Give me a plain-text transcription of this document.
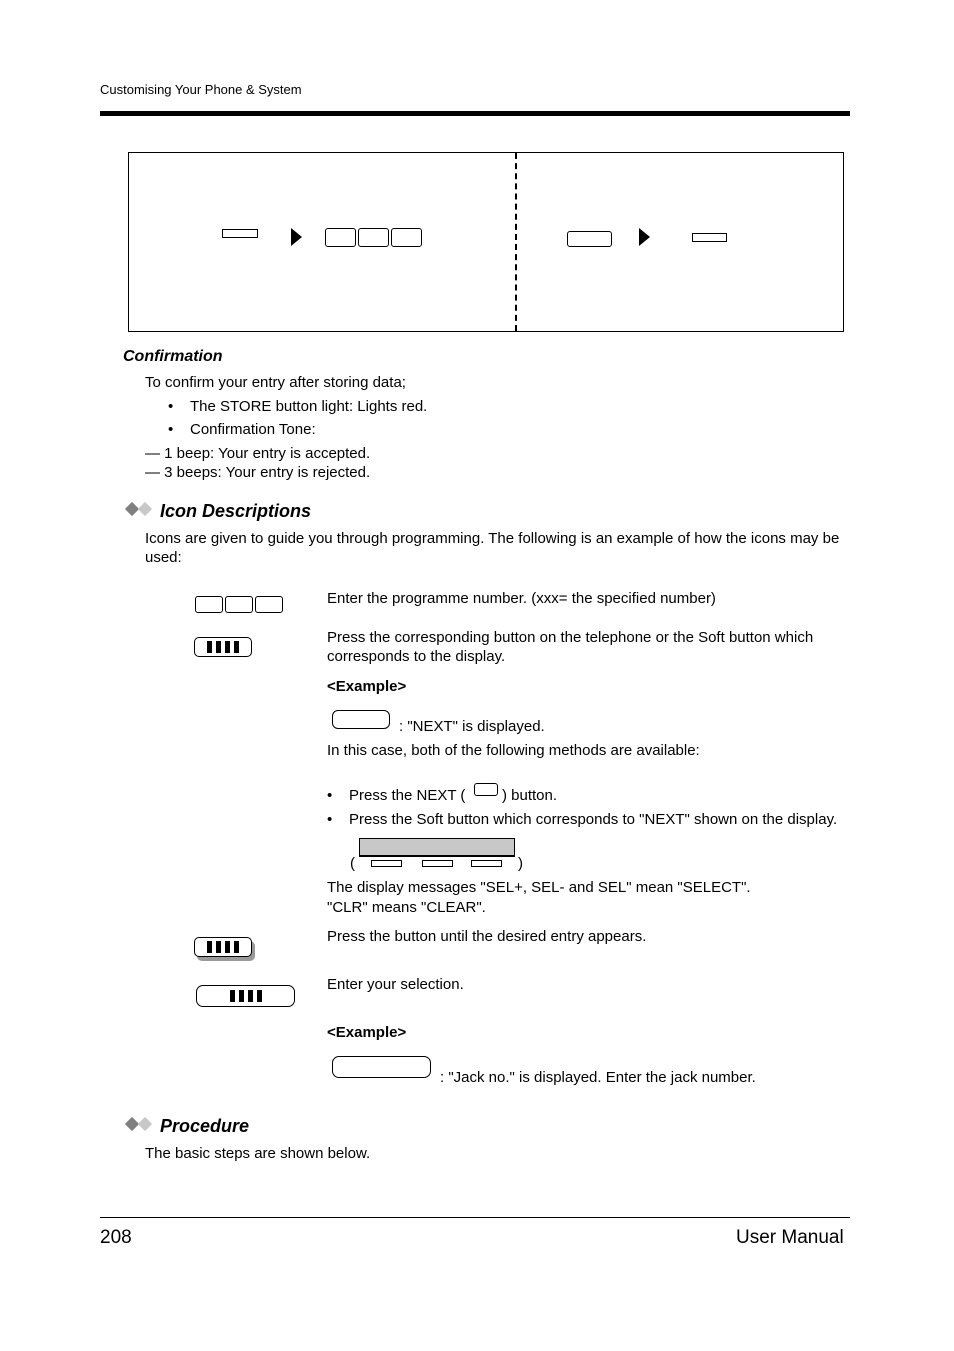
Customising Your Phone & System
Confirmation
To confirm your entry after storing data;
• The STORE button light: Lights red.
• Confirmation Tone:
— 1 beep: Your entry is accepted.
— 3 beeps: Your entry is rejected.
Icon Descriptions
Icons are given to guide you through programming. The following is an example of how the icons may be used:
Enter the programme number. (xxx= the specified number)
Press the corresponding button on the telephone or the Soft button which corresponds to the display.
<Example>
: "NEXT" is displayed.
In this case, both of the following methods are available:
• Press the NEXT ( ) button.
• Press the Soft button which corresponds to "NEXT" shown on the display.
(	)
The display messages "SEL+, SEL- and SEL" mean "SELECT".
"CLR" means "CLEAR".
Press the button until the desired entry appears.
Enter your selection.
<Example>
: "Jack no." is displayed. Enter the jack number.
Procedure
The basic steps are shown below.
208	User Manual
